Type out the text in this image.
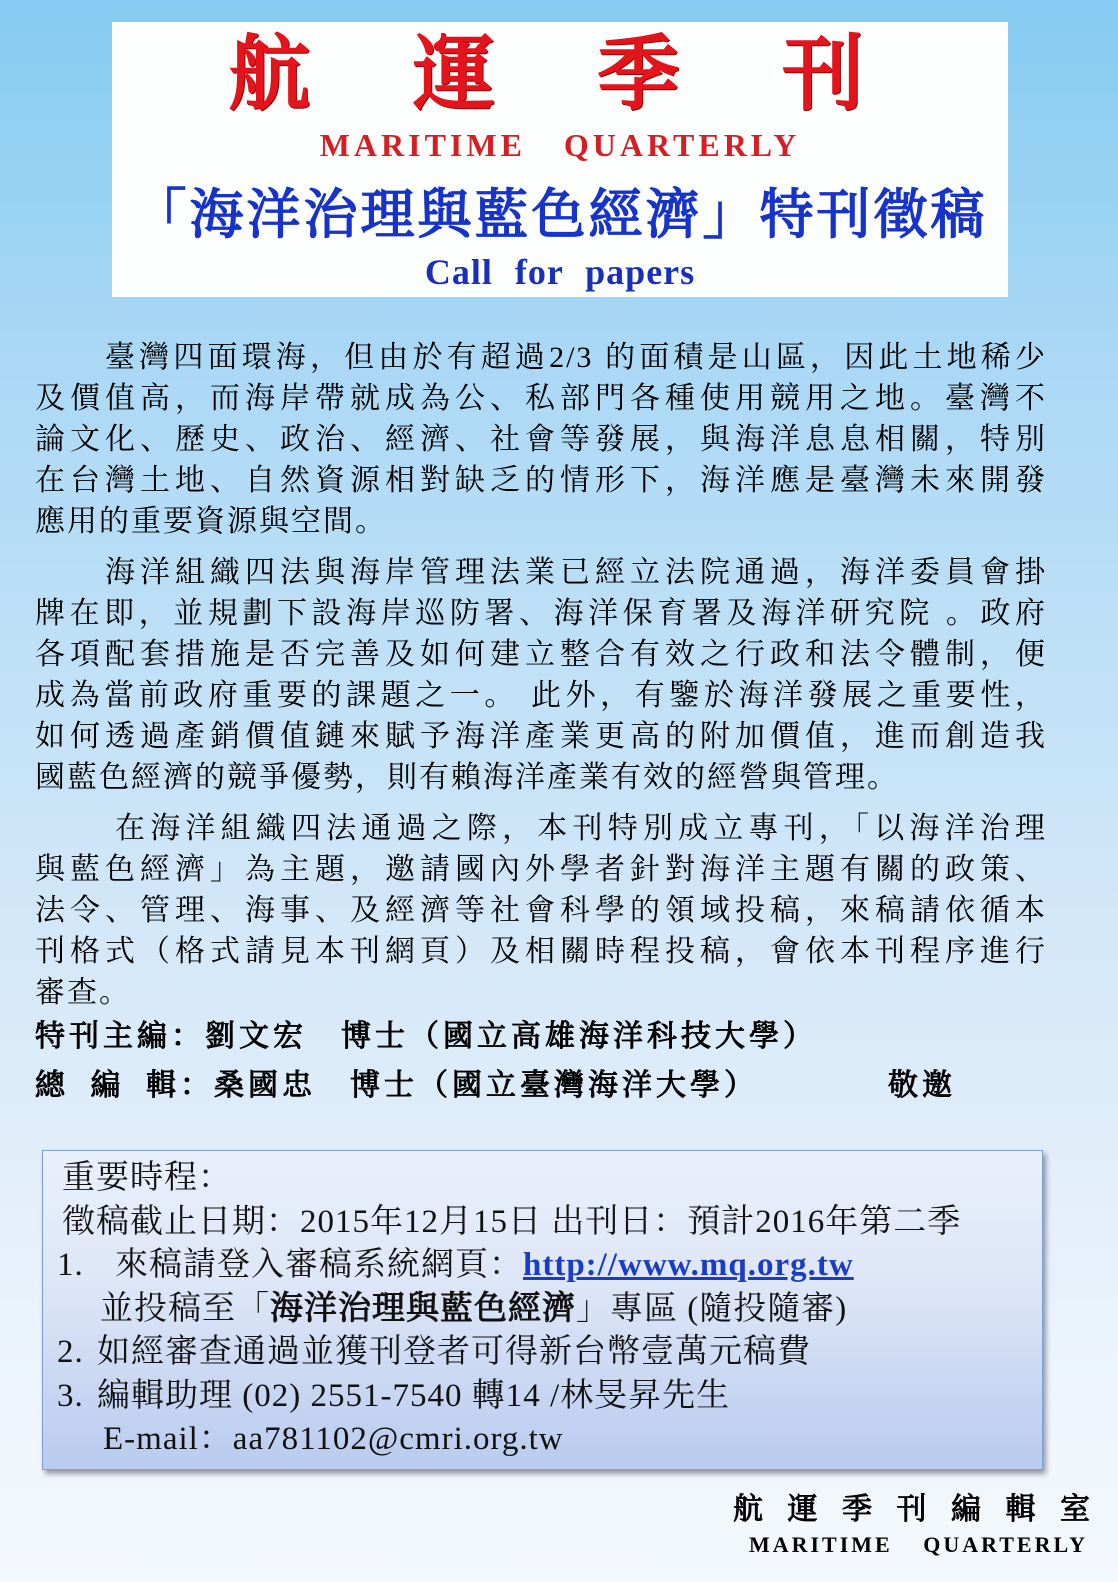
航 運 季 刊
MARITIME QUARTERLY
「海洋治理與藍色經濟」特刊徵稿
Call for papers
臺灣四面環海，但由於有超過2/3 的面積是山區，因此土地稀少
及價值高，而海岸帶就成為公、私部門各種使用競用之地。臺灣不
論文化、歷史、政治、經濟、社會等發展，與海洋息息相關，特別
在台灣土地、自然資源相對缺乏的情形下，海洋應是臺灣未來開發
應用的重要資源與空間。
海洋組織四法與海岸管理法業已經立法院通過，海洋委員會掛
牌在即，並規劃下設海岸巡防署、海洋保育署及海洋研究院 。政府
各項配套措施是否完善及如何建立整合有效之行政和法令體制，便
成為當前政府重要的課題之一。 此外，有鑒於海洋發展之重要性，
如何透過產銷價值鏈來賦予海洋產業更高的附加價值，進而創造我
國藍色經濟的競爭優勢，則有賴海洋產業有效的經營與管理。
在海洋組織四法通過之際，本刊特別成立專刊，「以海洋治理
與藍色經濟」為主題，邀請國內外學者針對海洋主題有關的政策、
法令、管理、海事、及經濟等社會科學的領域投稿，來稿請依循本
刊格式（格式請見本刊網頁）及相關時程投稿，會依本刊程序進行
審查。
特刊主編：劉文宏　博士（國立高雄海洋科技大學）
總 編 輯：桑國忠　博士（國立臺灣海洋大學）	敬邀
重要時程：
徵稿截止日期：2015年12月15日 出刊日：預計2016年第二季
1. 來稿請登入審稿系統網頁：http://www.mq.org.tw
並投稿至「海洋治理與藍色經濟」專區 (隨投隨審)
2. 如經審查通過並獲刊登者可得新台幣壹萬元稿費
3. 編輯助理 (02) 2551-7540 轉14 /林旻昇先生
E-mail：aa781102@cmri.org.tw
航 運 季 刊 編 輯 室
MARITIME QUARTERLY
